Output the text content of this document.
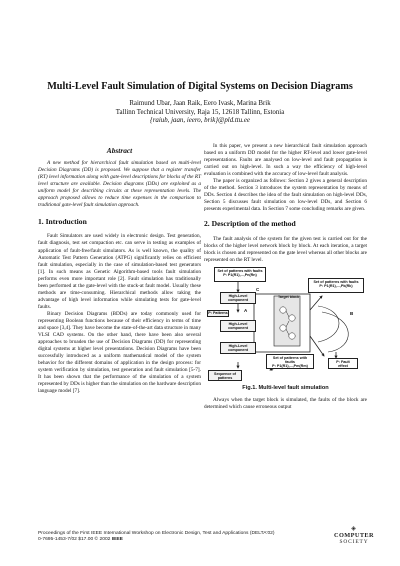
Multi-Level Fault Simulation of Digital Systems on Decision Diagrams
Raimund Ubar, Jaan Raik, Eero Ivask, Marina Brik
Tallinn Technical University, Raja 15, 12618 Tallinn, Estonia
{raiub, jaan, ieero, brik}@pld.ttu.ee
Abstract

A new method for hierarchical fault simulation based on multi-level Decision Diagrams (DD) is proposed. We suppose that a register transfer (RT) level information along with gate-level descriptions for blocks of the RT level structure are available. Decision diagrams (DDs) are exploited as a uniform model for describing circuits at these representation levels. The approach proposed allows to reduce time expenses in the comparison to traditional gate-level fault simulation approach.

1. Introduction

Fault Simulators are used widely in electronic design. Test generation, fault diagnosis, test set compaction etc. can serve in testing as examples of application of fault-free/fault simulators. As is well known, the quality of Automatic Test Pattern Generation (ATPG) significantly relies on efficient fault simulation, especially in the case of simulation-based test generators [1]. In such means as Genetic Algorithm-based tools fault simulation performs even more important role [2]. Fault simulation has traditionally been performed at the gate-level with the stuck-at fault model. Usually these methods are time-consuming. Hierarchical methods allow taking the advantage of high level information while simulating tests for gate-level faults.

Binary Decision Diagrams (BDDs) are today commonly used for representing Boolean functions because of their efficiency in terms of time and space [3,4]. They have become the state-of-the-art data structure in many VLSI CAD systems. On the other hand, there have been also several approaches to broaden the use of Decision Diagrams (DD) for representing digital systems at higher level presentations. Decision Diagrams have been successfully introduced as a uniform mathematical model of the system behavior for the different domains of application in the design process: for system verification by simulation, test generation and fault simulation [5-7]. It has been shown that the performance of the simulation of a system represented by DDs is higher than the simulation on the hardware description language model [7].

In this paper, we present a new hierarchical fault simulation approach based on a uniform DD model for the higher RT-level and lower gate-level representations. Faults are analysed on low-level and fault propagation is carried out on high-level. In such a way the efficiency of high-level evaluation is combined with the accuracy of low-level fault analysis.

The paper is organized as follows: Section 2 gives a general description of the method. Section 3 introduces the system representation by means of DDs. Section 4 describes the idea of the fault simulation on high-level DDs, Section 5 discusses fault simulation on low-level DDs, and Section 6 presents experimental data. In Section 7 some concluding remarks are given.

2. Description of the method

The fault analysis of the system for the given test is carried out for the blocks of the higher level network block by block. At each iteration, a target block is chosen and represented on the gate level whereas all other blocks are represented on the RT level.

Set of patterns with faults
P: P1(R1),...,Pn(Rn)
Set of patterns with faults
P: P1(R1),...,Pk(Rk)
High-Level component
P: Patterns
High-Level component
High-Level component
Target block
Set of patterns with faults
P: P1(R1),...,Pm(Rm)
Sequence of patterns
P: Fault effect
A
B
C
Fig.1. Multi-level fault simulation

Always when the target block is simulated, the faults of the block are determined which cause erroneous output

Proceedings of the First IEEE International Workshop on Electronic Design, Test and Applications (DELTA'02)
0-7695-1453-7/02 $17.00 © 2002 IEEE
◈
COMPUTER
SOCIETY
